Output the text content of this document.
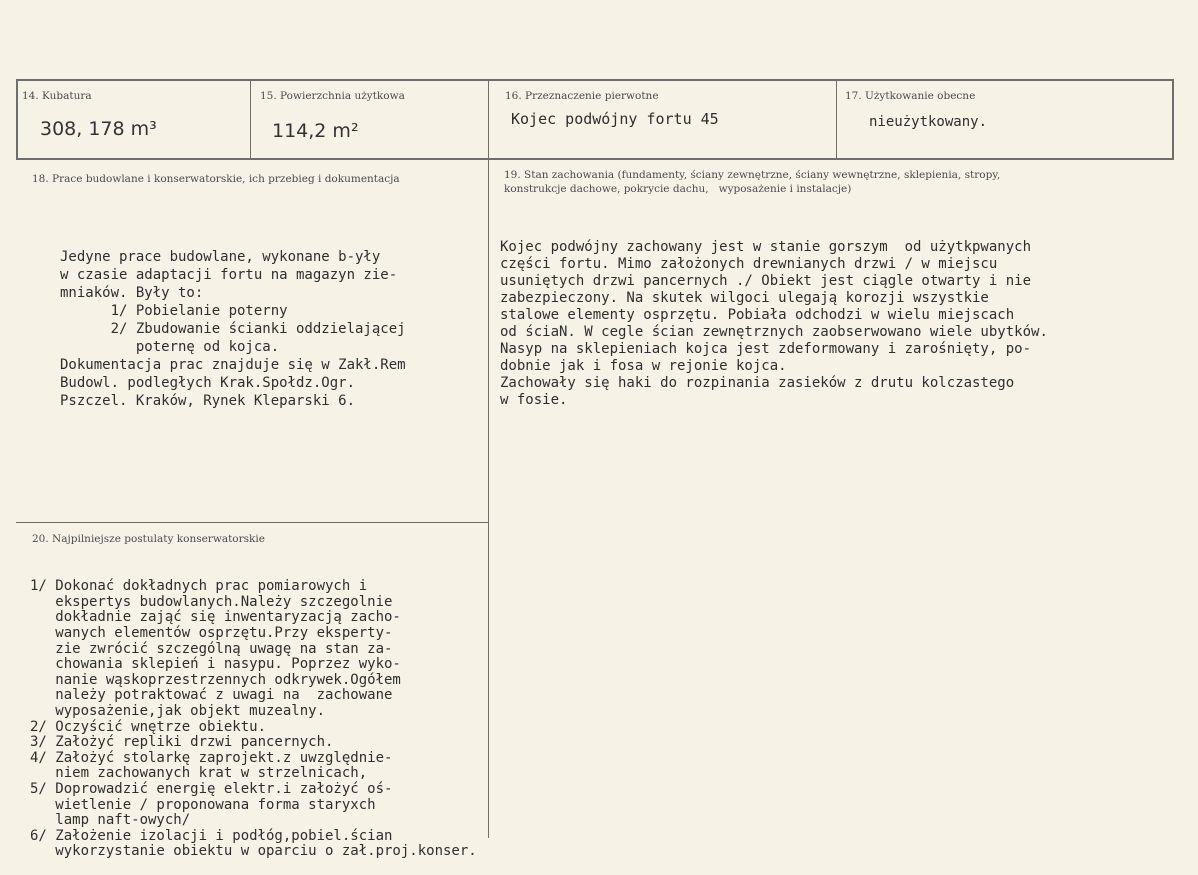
14. Kubatura
308, 178 m³
15. Powierzchnia użytkowa
114,2 m²
16. Przeznaczenie pierwotne
Kojec podwójny fortu 45
17. Użytkowanie obecne
nieużytkowany.
18. Prace budowlane i konserwatorskie, ich przebieg i dokumentacja

Jedyne prace budowlane, wykonane b-yły
w czasie adaptacji fortu na magazyn zie-
mniaków. Były to:
1/ Pobielanie poterny
2/ Zbudowanie ścianki oddzielającej
poternę od kojca.
Dokumentacja prac znajduje się w Zakł.Rem
Budowl. podległych Krak.Społdz.Ogr.
Pszczel. Kraków, Rynek Kleparski 6.

19. Stan zachowania (fundamenty, ściany zewnętrzne, ściany wewnętrzne, sklepienia, stropy,
konstrukcje dachowe, pokrycie dachu,   wyposażenie i instalacje)

Kojec podwójny zachowany jest w stanie gorszym  od użytkpwanych
części fortu. Mimo założonych drewnianych drzwi / w miejscu
usuniętych drzwi pancernych ./ Obiekt jest ciągle otwarty i nie
zabezpieczony. Na skutek wilgoci ulegają korozji wszystkie
stalowe elementy osprzętu. Pobiała odchodzi w wielu miejscach
od ściaN. W cegle ścian zewnętrznych zaobserwowano wiele ubytków.
Nasyp na sklepieniach kojca jest zdeformowany i zarośnięty, po-
dobnie jak i fosa w rejonie kojca.
Zachowały się haki do rozpinania zasieków z drutu kolczastego
w fosie.

20. Najpilniejsze postulaty konserwatorskie

1/ Dokonać dokładnych prac pomiarowych i
ekspertys budowlanych.Należy szczegolnie
dokładnie zająć się inwentaryzacją zacho-
wanych elementów osprzętu.Przy eksperty-
zie zwrócić szczególną uwagę na stan za-
chowania sklepień i nasypu. Poprzez wyko-
nanie wąskoprzestrzennych odkrywek.Ogółem
należy potraktować z uwagi na  zachowane
wyposażenie,jak objekt muzealny.
2/ Oczyścić wnętrze obiektu.
3/ Założyć repliki drzwi pancernych.
4/ Założyć stolarkę zaprojekt.z uwzględnie-
niem zachowanych krat w strzelnicach,
5/ Doprowadzić energię elektr.i założyć oś-
wietlenie / proponowana forma staryxch
lamp naft-owych/
6/ Założenie izolacji i podłóg,pobiel.ścian
wykorzystanie obiektu w oparciu o zał.proj.konser.
